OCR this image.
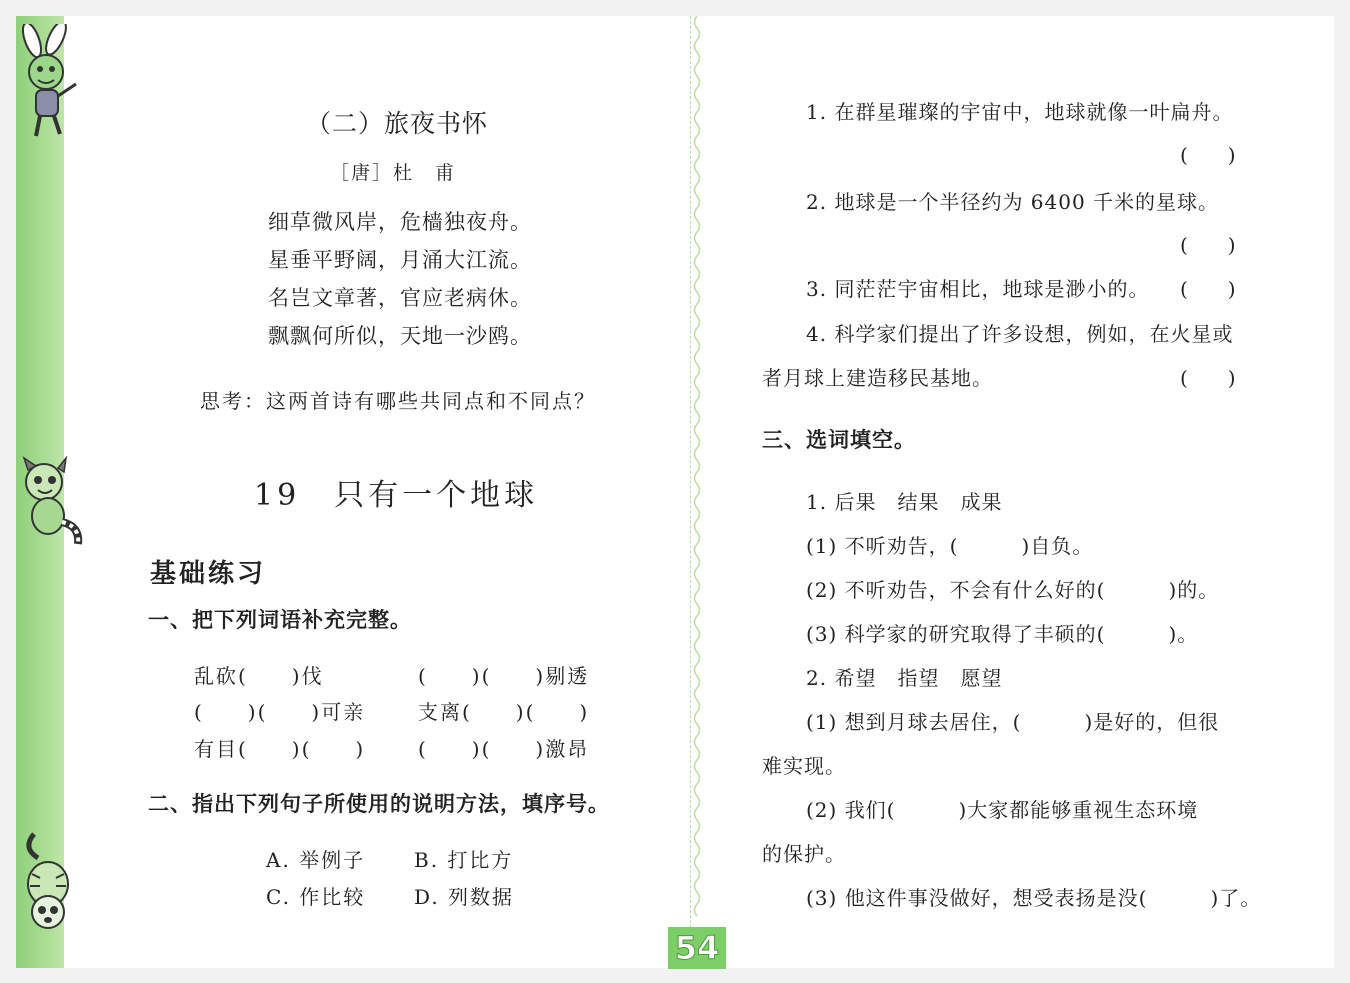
（二）旅夜书怀
［唐］杜　甫
细草微风岸，危樯独夜舟。
星垂平野阔，月涌大江流。
名岂文章著，官应老病休。
飘飘何所似，天地一沙鸥。
思考：这两首诗有哪些共同点和不同点？
19　只有一个地球
基础练习
一、把下列词语补充完整。
乱砍(　　)伐	(　　)(　　)剔透
(　　)(　　)可亲	支离(　　)(　　)
有目(　　)(　　)	(　　)(　　)激昂
二、指出下列句子所使用的说明方法，填序号。
A. 举例子 B. 打比方
C. 作比较 D. 列数据
1. 在群星璀璨的宇宙中，地球就像一叶扁舟。
(　　)
2. 地球是一个半径约为 6400 千米的星球。
(　　)
3. 同茫茫宇宙相比，地球是渺小的。 (　　)
4. 科学家们提出了许多设想，例如，在火星或
者月球上建造移民基地。	(　　)
三、选词填空。
1. 后果　结果　成果
(1) 不听劝告，(　　　)自负。
(2) 不听劝告，不会有什么好的(　　　)的。
(3) 科学家的研究取得了丰硕的(　　　)。
2. 希望　指望　愿望
(1) 想到月球去居住，(　　　)是好的，但很
难实现。
(2) 我们(　　　)大家都能够重视生态环境
的保护。
(3) 他这件事没做好，想受表扬是没(　　　)了。
54
